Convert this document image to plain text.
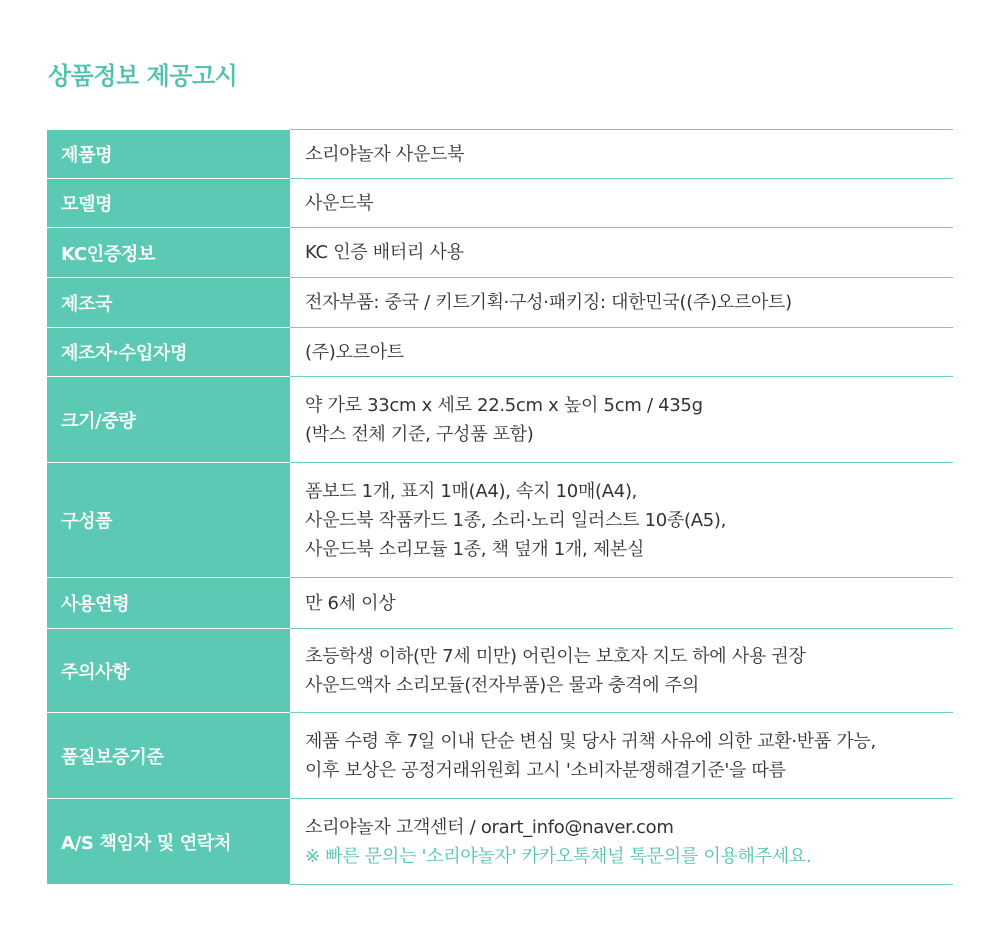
상품정보 제공고시
제품명	소리야놀자 사운드북

모델명	사운드북

KC인증정보	KC 인증 배터리 사용

제조국	전자부품: 중국 / 키트기획·구성·패키징: 대한민국((주)오르아트)

제조자·수입자명	(주)오르아트

크기/중량	약 가로 33cm x 세로 22.5cm x 높이 5cm / 435g
(박스 전체 기준, 구성품 포함)

구성품	폼보드 1개, 표지 1매(A4), 속지 10매(A4),
사운드북 작품카드 1종, 소리·노리 일러스트 10종(A5),
사운드북 소리모듈 1종, 책 덮개 1개, 제본실

사용연령	만 6세 이상

주의사항	초등학생 이하(만 7세 미만) 어린이는 보호자 지도 하에 사용 권장
사운드액자 소리모듈(전자부품)은 물과 충격에 주의

품질보증기준	제품 수령 후 7일 이내 단순 변심 및 당사 귀책 사유에 의한 교환·반품 가능,
이후 보상은 공정거래위원회 고시 '소비자분쟁해결기준'을 따름

A/S 책임자 및 연락처	소리야놀자 고객센터 / orart_info@naver.com
※ 빠른 문의는 '소리야놀자' 카카오톡채널 톡문의를 이용해주세요.
